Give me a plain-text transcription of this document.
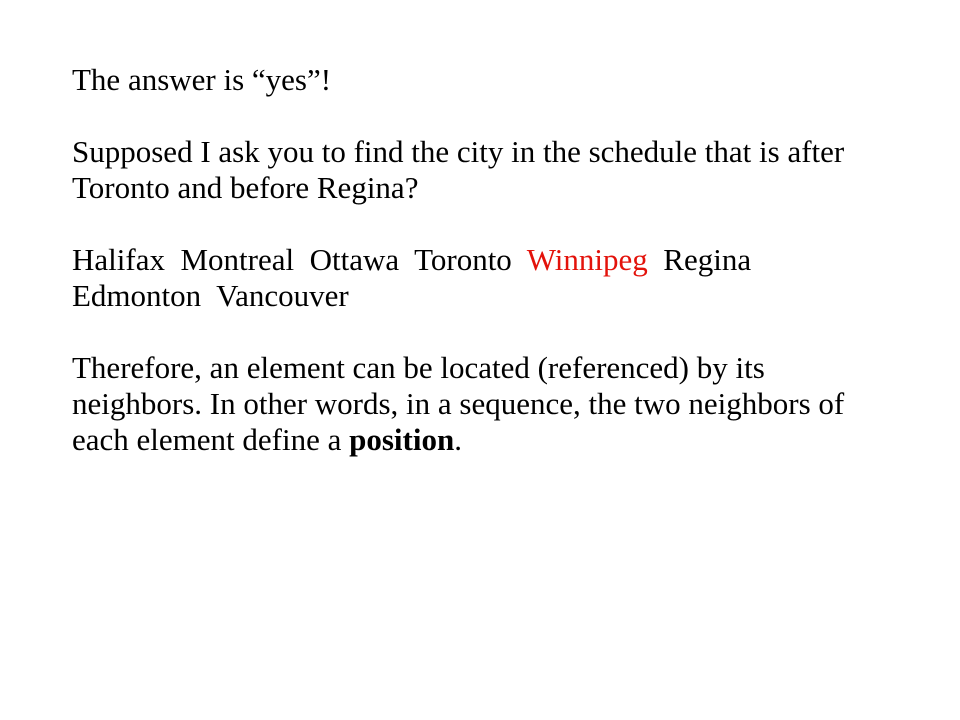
The answer is “yes”!

Supposed I ask you to find the city in the schedule that is after
Toronto and before Regina?

Halifax Montreal Ottawa Toronto Winnipeg Regina
Edmonton Vancouver

Therefore, an element can be located (referenced) by its
neighbors. In other words, in a sequence, the two neighbors of
each element define a position.
